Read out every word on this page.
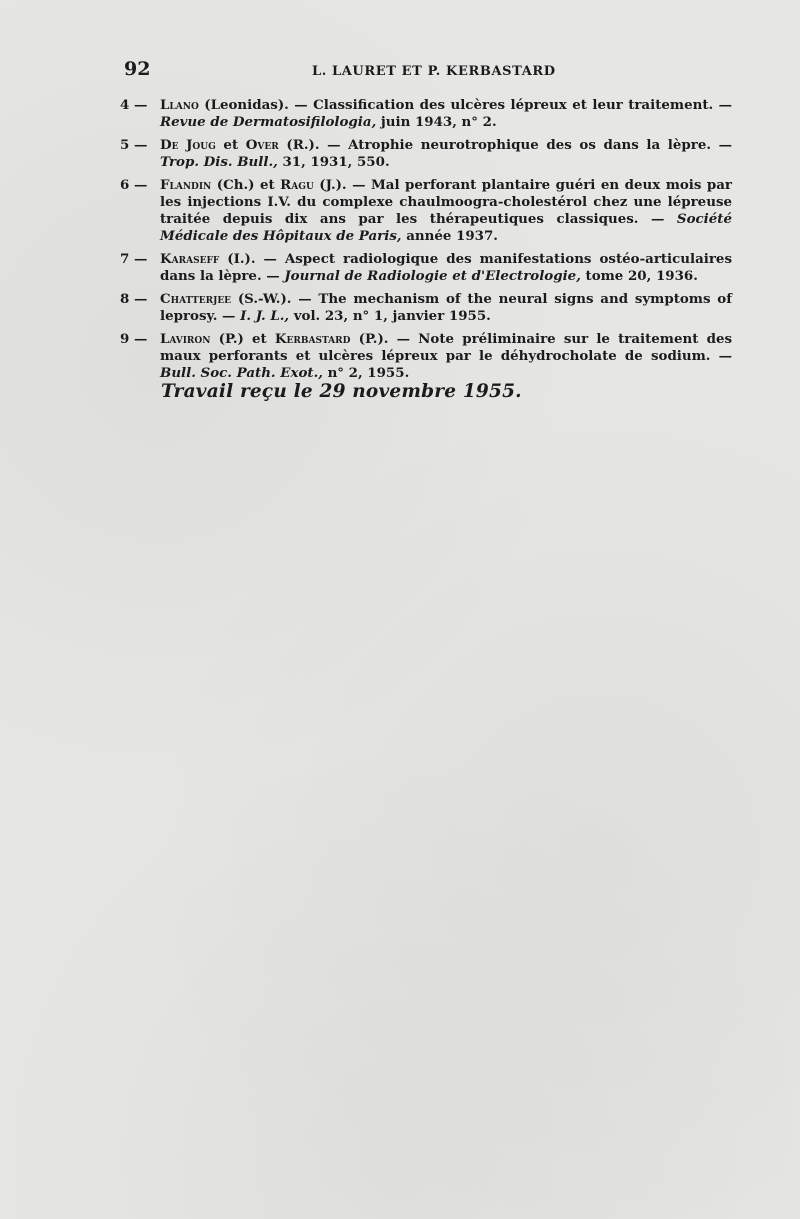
92	L. LAURET ET P. KERBASTARD
4 — Llano (Leonidas). — Classification des ulcères lépreux et leur traitement. — Revue de Dermatosifilologia, juin 1943, n° 2.
5 — De Joug et Over (R.). — Atrophie neurotrophique des os dans la lèpre. — Trop. Dis. Bull., 31, 1931, 550.
6 — Flandin (Ch.) et Ragu (J.). — Mal perforant plantaire guéri en deux mois par les injections I.V. du complexe chaulmoogra-cholestérol chez une lépreuse traitée depuis dix ans par les thérapeutiques classiques. — Société Médicale des Hôpitaux de Paris, année 1937.
7 — Karaseff (I.). — Aspect radiologique des manifestations ostéo-articulaires dans la lèpre. — Journal de Radiologie et d'Electrologie, tome 20, 1936.
8 — Chatterjee (S.-W.). — The mechanism of the neural signs and symptoms of leprosy. — I. J. L., vol. 23, n° 1, janvier 1955.
9 — Laviron (P.) et Kerbastard (P.). — Note préliminaire sur le traitement des maux perforants et ulcères lépreux par le déhydrocholate de sodium. — Bull. Soc. Path. Exot., n° 2, 1955.
Travail reçu le 29 novembre 1955.
